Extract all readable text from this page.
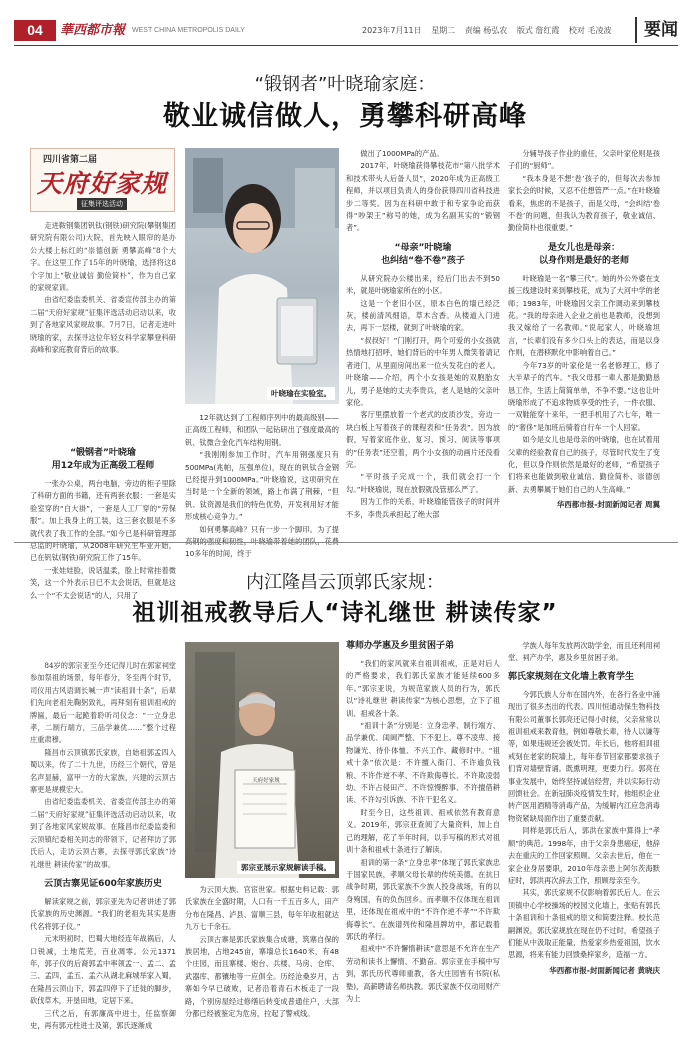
04	華西都市報 WEST CHINA METROPOLIS DAILY	2023年7月11日 星期二 责编 杨弘农 版式 詹红霞 校对 毛凌波	要闻
“锻钢者”叶晓瑜家庭：
敬业诚信做人，勇攀科研高峰
四川省第二届
天府好家规
征集评选活动

走进鞍钢集团钒钛(钢铁)研究院(攀钢集团研究院有限公司)大院，首先映入眼帘的是办公大楼上标红的“崇德创新 勇攀高峰”8个大字。在这里工作了15年的叶晓瑜，选择将这8个字加上“敬业诚信 勤俭简朴”，作为自己家的家规家训。

由省纪委监委机关、省委宣传部主办的第二届“天府好家规”征集评选活动启动以来，收到了各地家风家规故事。7月7日，记者走进叶晓瑜的家，去探寻这位年轻女科学家攀登科研高峰和家庭教育背后的故事。

“锻钢者”叶晓瑜
用12年成为正高级工程师

一张办公桌，两台电脑，旁边的柜子里除了科研方面的书籍，还有两套衣服：一套是实验室穿的“白大褂”，一套是人工厂穿的“劳保服”。加上我身上的工装，这三套衣服是不多就代表了我工作的全部。”如今已是科研管理部总监的叶晓瑜，从2008年研究生毕业开始，已在钒钛(钢铁)研究院工作了15年。

一张娃娃脸，说话温柔，脸上时常挂着微笑，这一个外表示日已不太会说话，但就是这么一个“不太会说话”的人，只用了

叶晓瑜在实验室。

12年就达到了工程师序列中的最高级别——正高级工程师，和团队一起钻研出了强度最高的钒、钛微合金化汽车结构用钢。

“我刚刚参加工作时，汽车用钢强度只有500MPa(兆帕，压强单位)，现在的钒钛合金钢已经提升到1000MPa。”叶晓瑜说，这项研究在当时是一个全新的领域，路上布满了荆棘，“但钒、钛资源是我们的特色优势，开发利用好才能形成核心竞争力。”

如何勇攀高峰？只有一步一个脚印。为了提高钢的强度和韧性，叶晓瑜带着她的团队，花费10多年的时间，终于

做出了1000MPa的产品。

2017年，叶晓瑜获得攀枝花市“第八批学术和技术带头人后备人员”，2020年成为正高级工程师，并以项目负责人的身份获得四川省科技进步二等奖。因为在科研中敢于和专家争论而获得“吵架王”称号的她，成为名副其实的“锻钢者”。

“母亲”叶晓瑜
也纠结“卷不卷”孩子

从研究院办公楼出来，经后门出去不到50米，就是叶晓瑜家所在的小区。

这是一个老旧小区，原本白色的墙已经泛灰，楼前清风细语，草木含香。从楼道入门进去，再下一层楼，就到了叶晓瑜的家。

“叔叔好！”门刚打开，两个可爱的小女孩就热情地打招呼，她们背后的中年男人微笑着请记者进门，从里面房间出来一位头发花白的老人。叶晓瑜——介绍，两个小女孩是她的双胞胎女儿，男子是她的丈夫李贵兵，老人是她的父亲叶家伦。

客厅里摆放着一个老式的皮质沙发，旁边一块白板上写着孩子的课程表和“任务表”。因为放假，写着家庭作业、复习、预习、阅读等事项的“任务表”还空着，两个小女孩的动画片还没看完。

“平时孩子完成一个，我们就会打一个勾。”叶晓瑜说，现在放假就没管那么严了。

因为工作的关系，叶晓瑜能管孩子的时间并不多，李贵兵承担起了绝大部

分辅导孩子作业的重任，父亲叶家伦则是孩子们的“厨师”。

“我本身是不想‘卷’孩子的，但每次去参加家长会的时候，又忍不住想管严一点。”在叶晓瑜看来，焦虑的不是孩子，而是父母，“会纠结‘卷不卷’的问题，但我认为教育孩子，敬业诚信、勤俭简朴也很重要。”

是女儿也是母亲：
以身作则是最好的老师

叶晓瑜是一名“攀三代”。她的外公外婆在支援三线建设时来到攀枝花，成为了大河中学的老师；1983年，叶晓瑜因父亲工作调动来到攀枝花。“我的母亲进入企业之前也是教师，没想到我又嫁给了一名教师。”说起家人，叶晓瑜坦言，“长辈们没有多少口头上的表达，而是以身作则，在潜移默化中影响着自己。”

今年73岁的叶家伦是一名老修理工，修了大半辈子的汽车。“我父母那一辈人都是勤勤恳恳工作，生活上简简单单，不争不要。”这也让叶晓瑜形成了不追求物质享受的性子，一件衣服、一双鞋能穿十来年，一把手机用了六七年，唯一的“奢侈”是加班后骑着自行车一个人回家。

如今是女儿也是母亲的叶晓瑜，也在试着用父辈的经验教育自己的孩子，尽管时代发生了变化，但以身作则依然是最好的老师，“希望孩子们将来也能做到敬业诚信、勤俭简朴、崇德创新、去勇攀属于她们自己的人生高峰。”

华西都市报-封面新闻记者 周翼
内江隆昌云顶郭氏家规：
祖训祖戒教导后人“诗礼继世 耕读传家”

84岁的郭宗亚至今还记得儿时在郭家祠堂参加祭祖的场景，每年春分，冬至两个时节，司仪用古风语调长喊一声“读祖训十条”，后辈们先向老祖先鞠躬致礼，再拜刻有祖训祖戒的牌匾，最后一起跪着聆听司仪念：“一立身忠孝，二制行端方，三品学兼优……”整个过程庄重肃穆。

隆昌市云顶镇郭氏家族，自始祖郭孟四入蜀以来，传了二十九世，历经三个朝代，曾是名声显赫，富甲一方的大家族，兴建的云顶古寨更是规模宏大。

由省纪委监委机关、省委宣传部主办的第二届“天府好家规”征集评选活动启动以来，收到了各地家风家规故事。在隆昌市纪委监委和云顶镇纪委相关同志的带领下，记者拜访了郭氏后人，走访云顶古寨，去探寻郭氏家族“诗礼继世 耕读传家”的故事。

天府好家规
郭宗亚展示家规解读手稿。
云顶古寨见证600年家族历史

解读家规之前，郭宗亚先为记者讲述了郭氏家族的历史渊源。“我们的老祖先其实是唐代名将郭子仪。”

元末明初时，巴蜀大地经连年战祸后，人口锐减，土地荒芜，百业凋零。公元1371年，郭子仪的后裔郭孟中率领孟一、孟二、孟三、孟四，孟五、孟六从湖北麻城举家入蜀，在隆昌云顶山下，郭孟四停下了迁徙的脚步，砍伐草木，开垦田地，定居下来。

三代之后，有郭廉高中进士，任监察御史，再有郭元柱进士及第，郭氏逐渐成

为云顶大族、官宦世家。根据史料记载：郭氏家族在全盛时期，人口有一千五百多人，田产分布在隆昌、泸县、富顺三县，每年年收租就达九万七千余石。

云顶古寨是郭氏家族集合成塘，筑寨自保的族居地，占地245亩，寨墙总长1640米，有48个庄园，而且寨楼、炮台、兵楼、马房、仓库、武器库、都镶地等一应俱全。历经沧桑岁月，古寨如今早已破败，记者沿着青石木板走了一段路，个别房屋经过修缮后转变成普通住户，大部分都已经被鉴定为危房，拉起了警戒线。

尊师办学惠及乡里贫困子弟

“我们的家风就来自祖训祖戒，正是对后人的严格要求，我们郭氏家族才能延续600多年。”郭宗亚说，为规范家族人员的行为，郭氏以“诗礼继世 耕读传家”为核心思想，立下了祖训、祖戒各十条。

“祖训十条”分别是：立身忠孝、制行端方、品学兼优、闺阃严整、下不犯上、尊不凌卑、接物谦光、待仆体恤、不兴工作、藏修时中。“祖戒十条”依次是：不许擅入衙门、不许逾负钱粮、不许作逆不孝、不许欺侮尊长、不许欺凌弱幼、不许占侵田产、不许惊慢醉事、不许擅借耕读、不许勾引诉族、不许干犯名义。

时至今日，这些祖训、祖戒依然有教育意义。2019年，郭宗亚查阅了大量资料，加上自己的理解，花了半年时间，以手写稿的形式对祖训十条和祖戒十条进行了解读。

祖训的第一条“立身忠孝”体现了郭氏家族忠于国家民族，孝顺父母长辈的传统美德。在抗日战争时期，郭氏家族不少族人投身战场，有的以身殉国，有的负伤回乡。而孝顺不仅体现在祖训里，还体现在祖戒中的“不许作逆不孝”“不许欺侮尊长”。在族谱列传和隆昌牌坊中，都记载着郭氏的孝行。

祖戒中“不许懈惰耕读”意思是不允许在生产劳动和读书上懈惰、不勤奋。郭宗亚在手稿中写到，郭氏历代尊师重教，各大庄园皆有书院(私塾)，高薪聘请名师执教。郭氏家族不仅动用财产为上

学族人每年发放两次助学金，而且还利用祠堂、祠产办学，惠及乡里贫困子弟。

郭氏家规刻在文化墙上教育学生

今郭氏族人分布在国内外，在各行各业中涌现出了很多杰出的代表。四川恒通动保生物科技有限公司董事长郭亮还记得小时候，父亲常常以祖训祖戒来教育他，例如尊敬长辈，待人以谦等等，如果违规还会被处罚。年长后，他将祖训祖戒刻在老家的院墙上，每年春节回家都要求孩子们背对墙壁背诵。既熏明理，更要力行。郭亮在事业发展中，始终坚持诚信经营，并以实际行动回馈社会。在新冠肺炎疫情发生时，他组织企业转产医用酒精等消毒产品，为缓解内江应急消毒物资紧缺局面作出了重要贡献。

同样是郭氏后人，郭洪在家族中算得上“孝顺”的典范。1998年，由于父亲身患癌症，他辞去在重庆的工作回家照顾。父亲去世后，他在一家企业身居要职，2010年母亲患上阿尔茨海默症时，郭洪再次辞去工作，照顾母亲至今。

其实，郭氏家规不仅影响着郭氏后人。在云顶镇中心学校操场的校园文化墙上，张贴有郭氏十条祖训和十条祖戒的原文和简要注释。校长范嗣渊说，郭氏家规放在现在仍不过时，希望孩子们能从中汲取正能量，热爱家乡热爱祖国，饮水思源，将来有能力回馈桑梓家乡，造福一方。

华西都市报-封面新闻记者 黄晓庆
